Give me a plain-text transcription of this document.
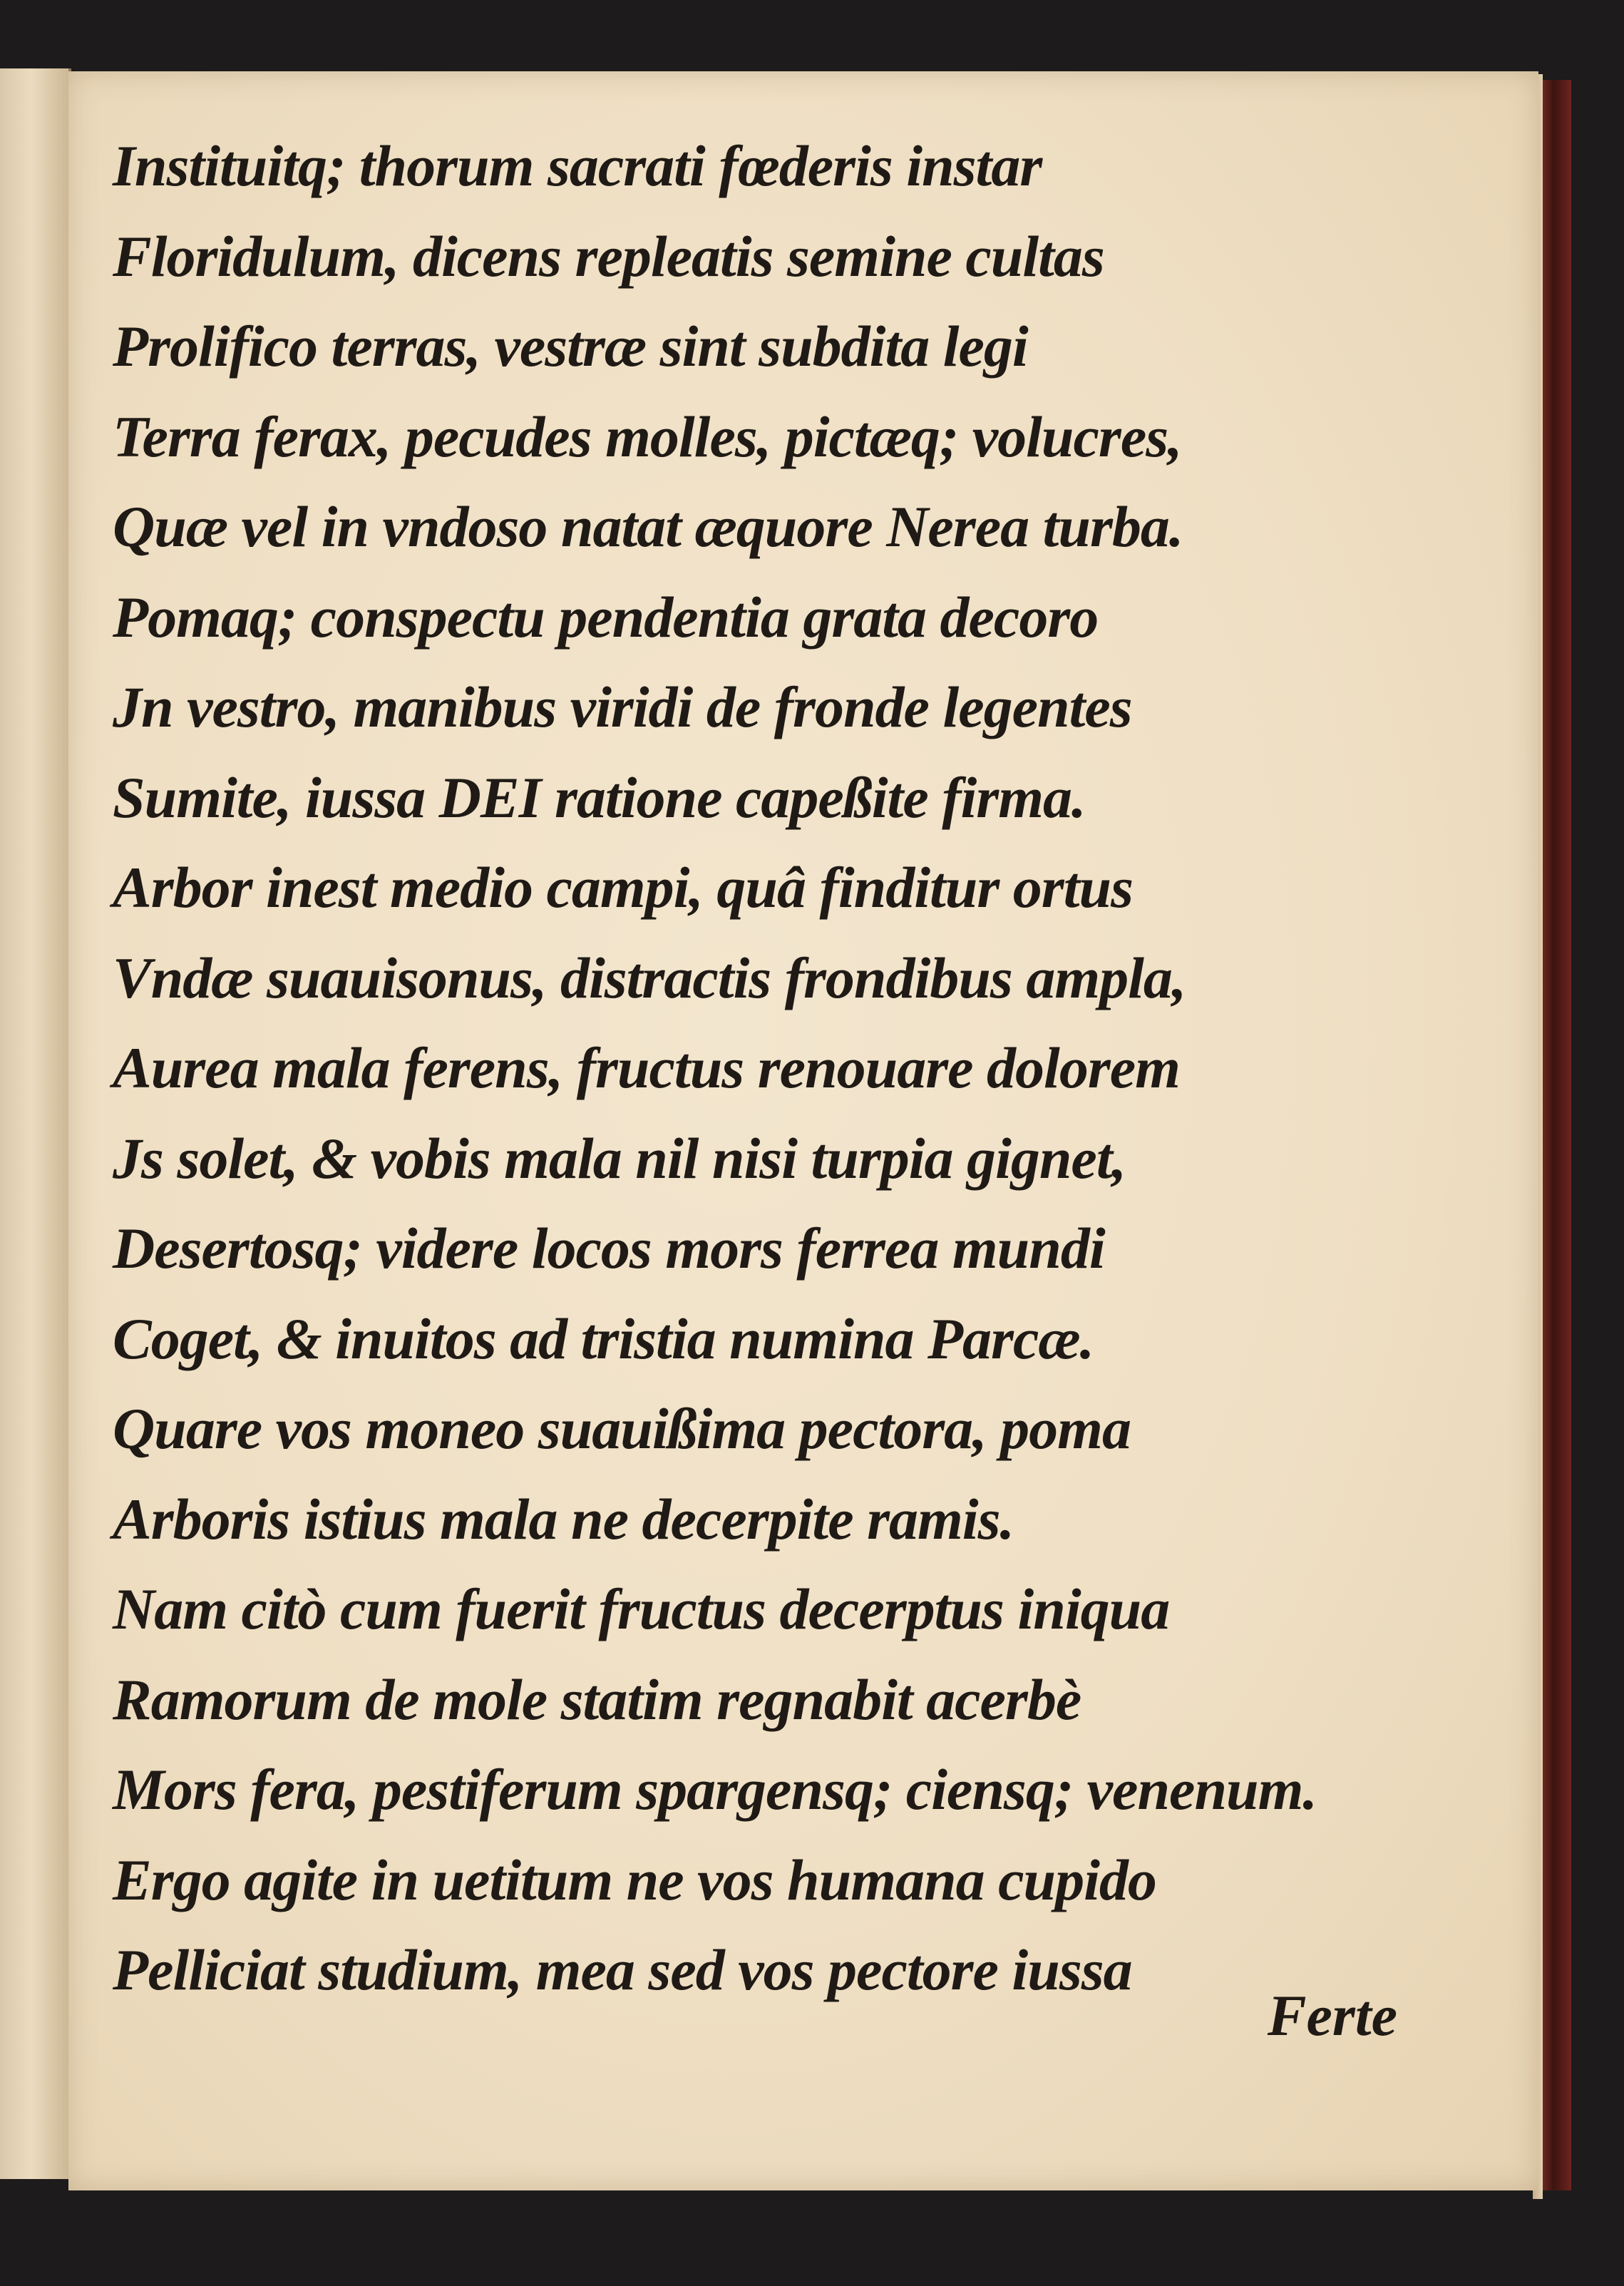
Instituitq; thorum sacrati fœderis instar
Floridulum, dicens repleatis semine cultas
Prolifico terras, vestræ sint subdita legi
Terra ferax, pecudes molles, pictæq; volucres,
Quæ vel in vndoso natat æquore Nerea turba.
Pomaq; conspectu pendentia grata decoro
Jn vestro, manibus viridi de fronde legentes
Sumite, iussa DEI ratione capeßite firma.
Arbor inest medio campi, quâ finditur ortus
Vndæ suauisonus, distractis frondibus ampla,
Aurea mala ferens, fructus renouare dolorem
Js solet, & vobis mala nil nisi turpia gignet,
Desertosq; videre locos mors ferrea mundi
Coget, & inuitos ad tristia numina Parcæ.
Quare vos moneo suauißima pectora, poma
Arboris istius mala ne decerpite ramis.
Nam citò cum fuerit fructus decerptus iniqua
Ramorum de mole statim regnabit acerbè
Mors fera, pestiferum spargensq; ciensq; venenum.
Ergo agite in uetitum ne vos humana cupido
Pelliciat studium, mea sed vos pectore iussa
Ferte
